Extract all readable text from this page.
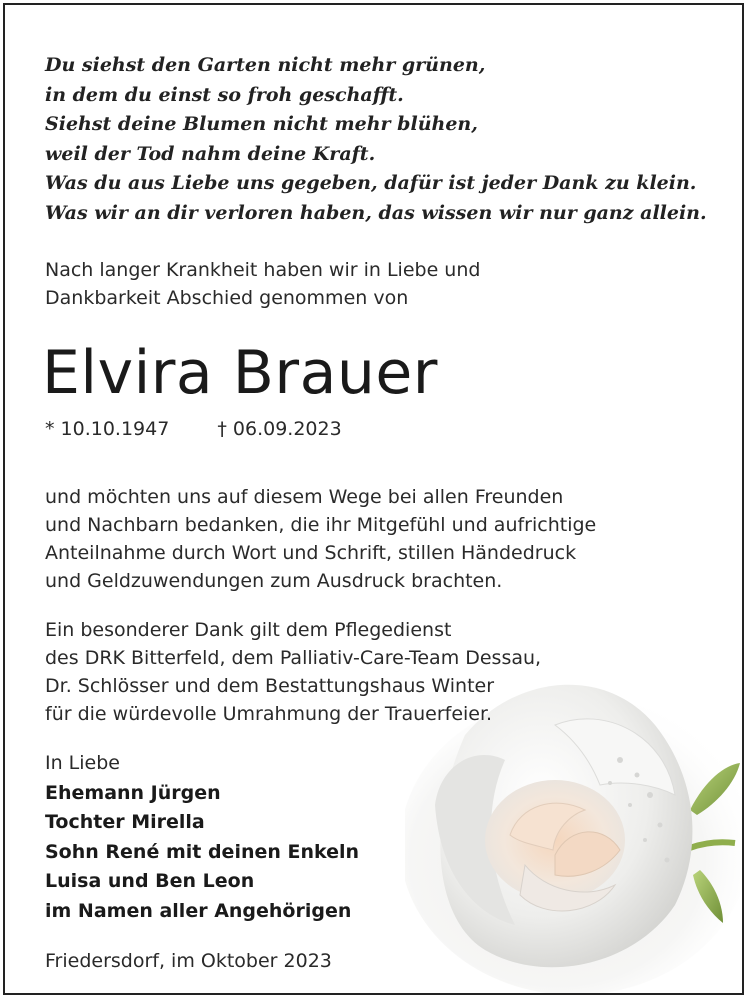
Du siehst den Garten nicht mehr grünen,
in dem du einst so froh geschafft.
Siehst deine Blumen nicht mehr blühen,
weil der Tod nahm deine Kraft.
Was du aus Liebe uns gegeben, dafür ist jeder Dank zu klein.
Was wir an dir verloren haben, das wissen wir nur ganz allein.
Nach langer Krankheit haben wir in Liebe und
Dankbarkeit Abschied genommen von
Elvira Brauer
* 10.10.1947	† 06.09.2023
und möchten uns auf diesem Wege bei allen Freunden
und Nachbarn bedanken, die ihr Mitgefühl und aufrichtige
Anteilnahme durch Wort und Schrift, stillen Händedruck
und Geldzuwendungen zum Ausdruck brachten.
Ein besonderer Dank gilt dem Pflegedienst
des DRK Bitterfeld, dem Palliativ-Care-Team Dessau,
Dr. Schlösser und dem Bestattungshaus Winter
für die würdevolle Umrahmung der Trauerfeier.
In Liebe
Ehemann Jürgen
Tochter Mirella
Sohn René mit deinen Enkeln
Luisa und Ben Leon
im Namen aller Angehörigen
Friedersdorf, im Oktober 2023
